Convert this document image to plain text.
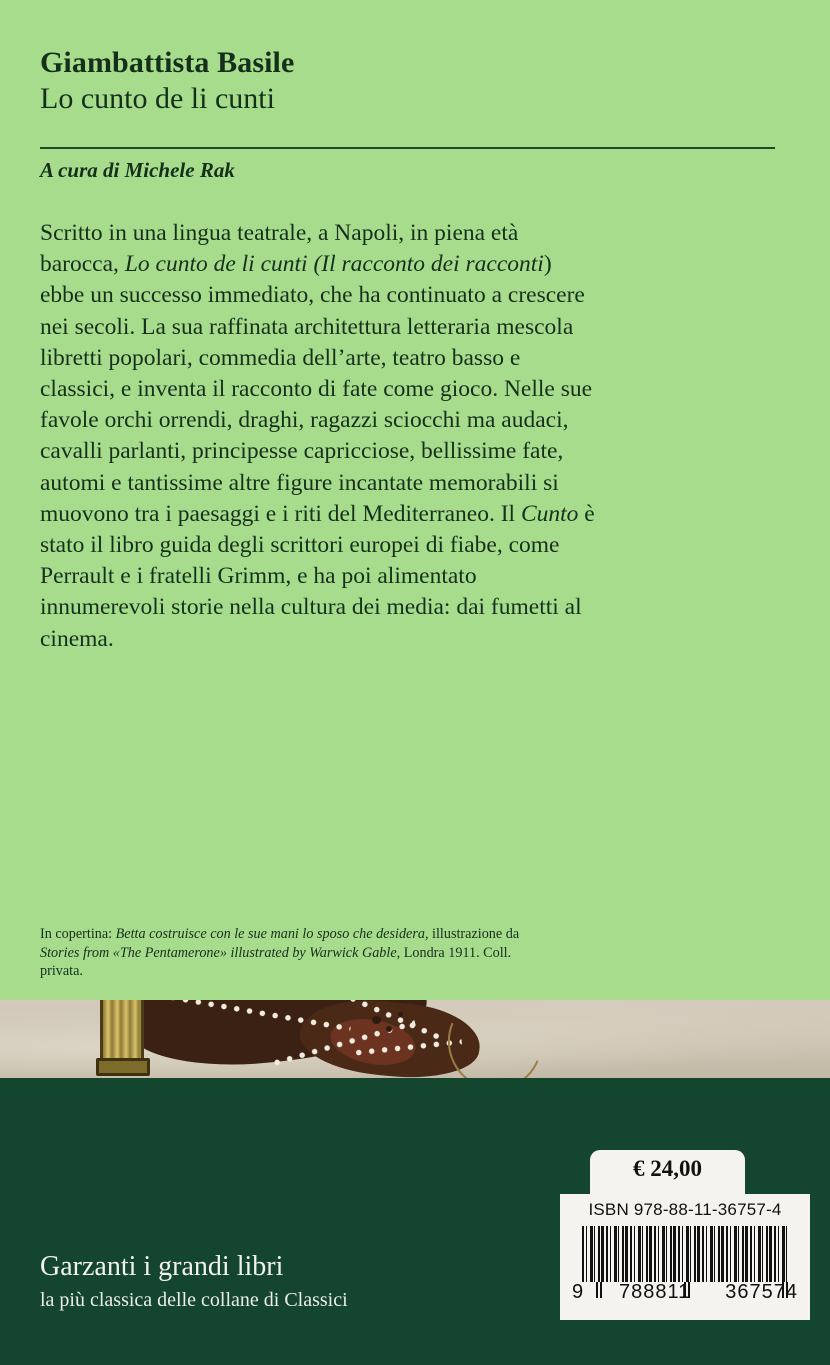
Giambattista Basile
Lo cunto de li cunti
A cura di Michele Rak
Scritto in una lingua teatrale, a Napoli, in piena età barocca, Lo cunto de li cunti (Il racconto dei racconti) ebbe un successo immediato, che ha continuato a crescere nei secoli. La sua raffinata architettura letteraria mescola libretti popolari, commedia dell’arte, teatro basso e classici, e inventa il racconto di fate come gioco. Nelle sue favole orchi orrendi, draghi, ragazzi sciocchi ma audaci, cavalli parlanti, principesse capricciose, bellissime fate, automi e tantissime altre figure incantate memorabili si muovono tra i paesaggi e i riti del Mediterraneo. Il Cunto è stato il libro guida degli scrittori europei di fiabe, come Perrault e i fratelli Grimm, e ha poi alimentato innumerevoli storie nella cultura dei media: dai fumetti al cinema.
In copertina: Betta costruisce con le sue mani lo sposo che desidera, illustrazione da Stories from «The Pentamerone» illustrated by Warwick Gable, Londra 1911. Coll. privata.
Garzanti i grandi libri
la più classica delle collane di Classici
€ 24,00
ISBN 978-88-11-36757-4
9 788811 367574
